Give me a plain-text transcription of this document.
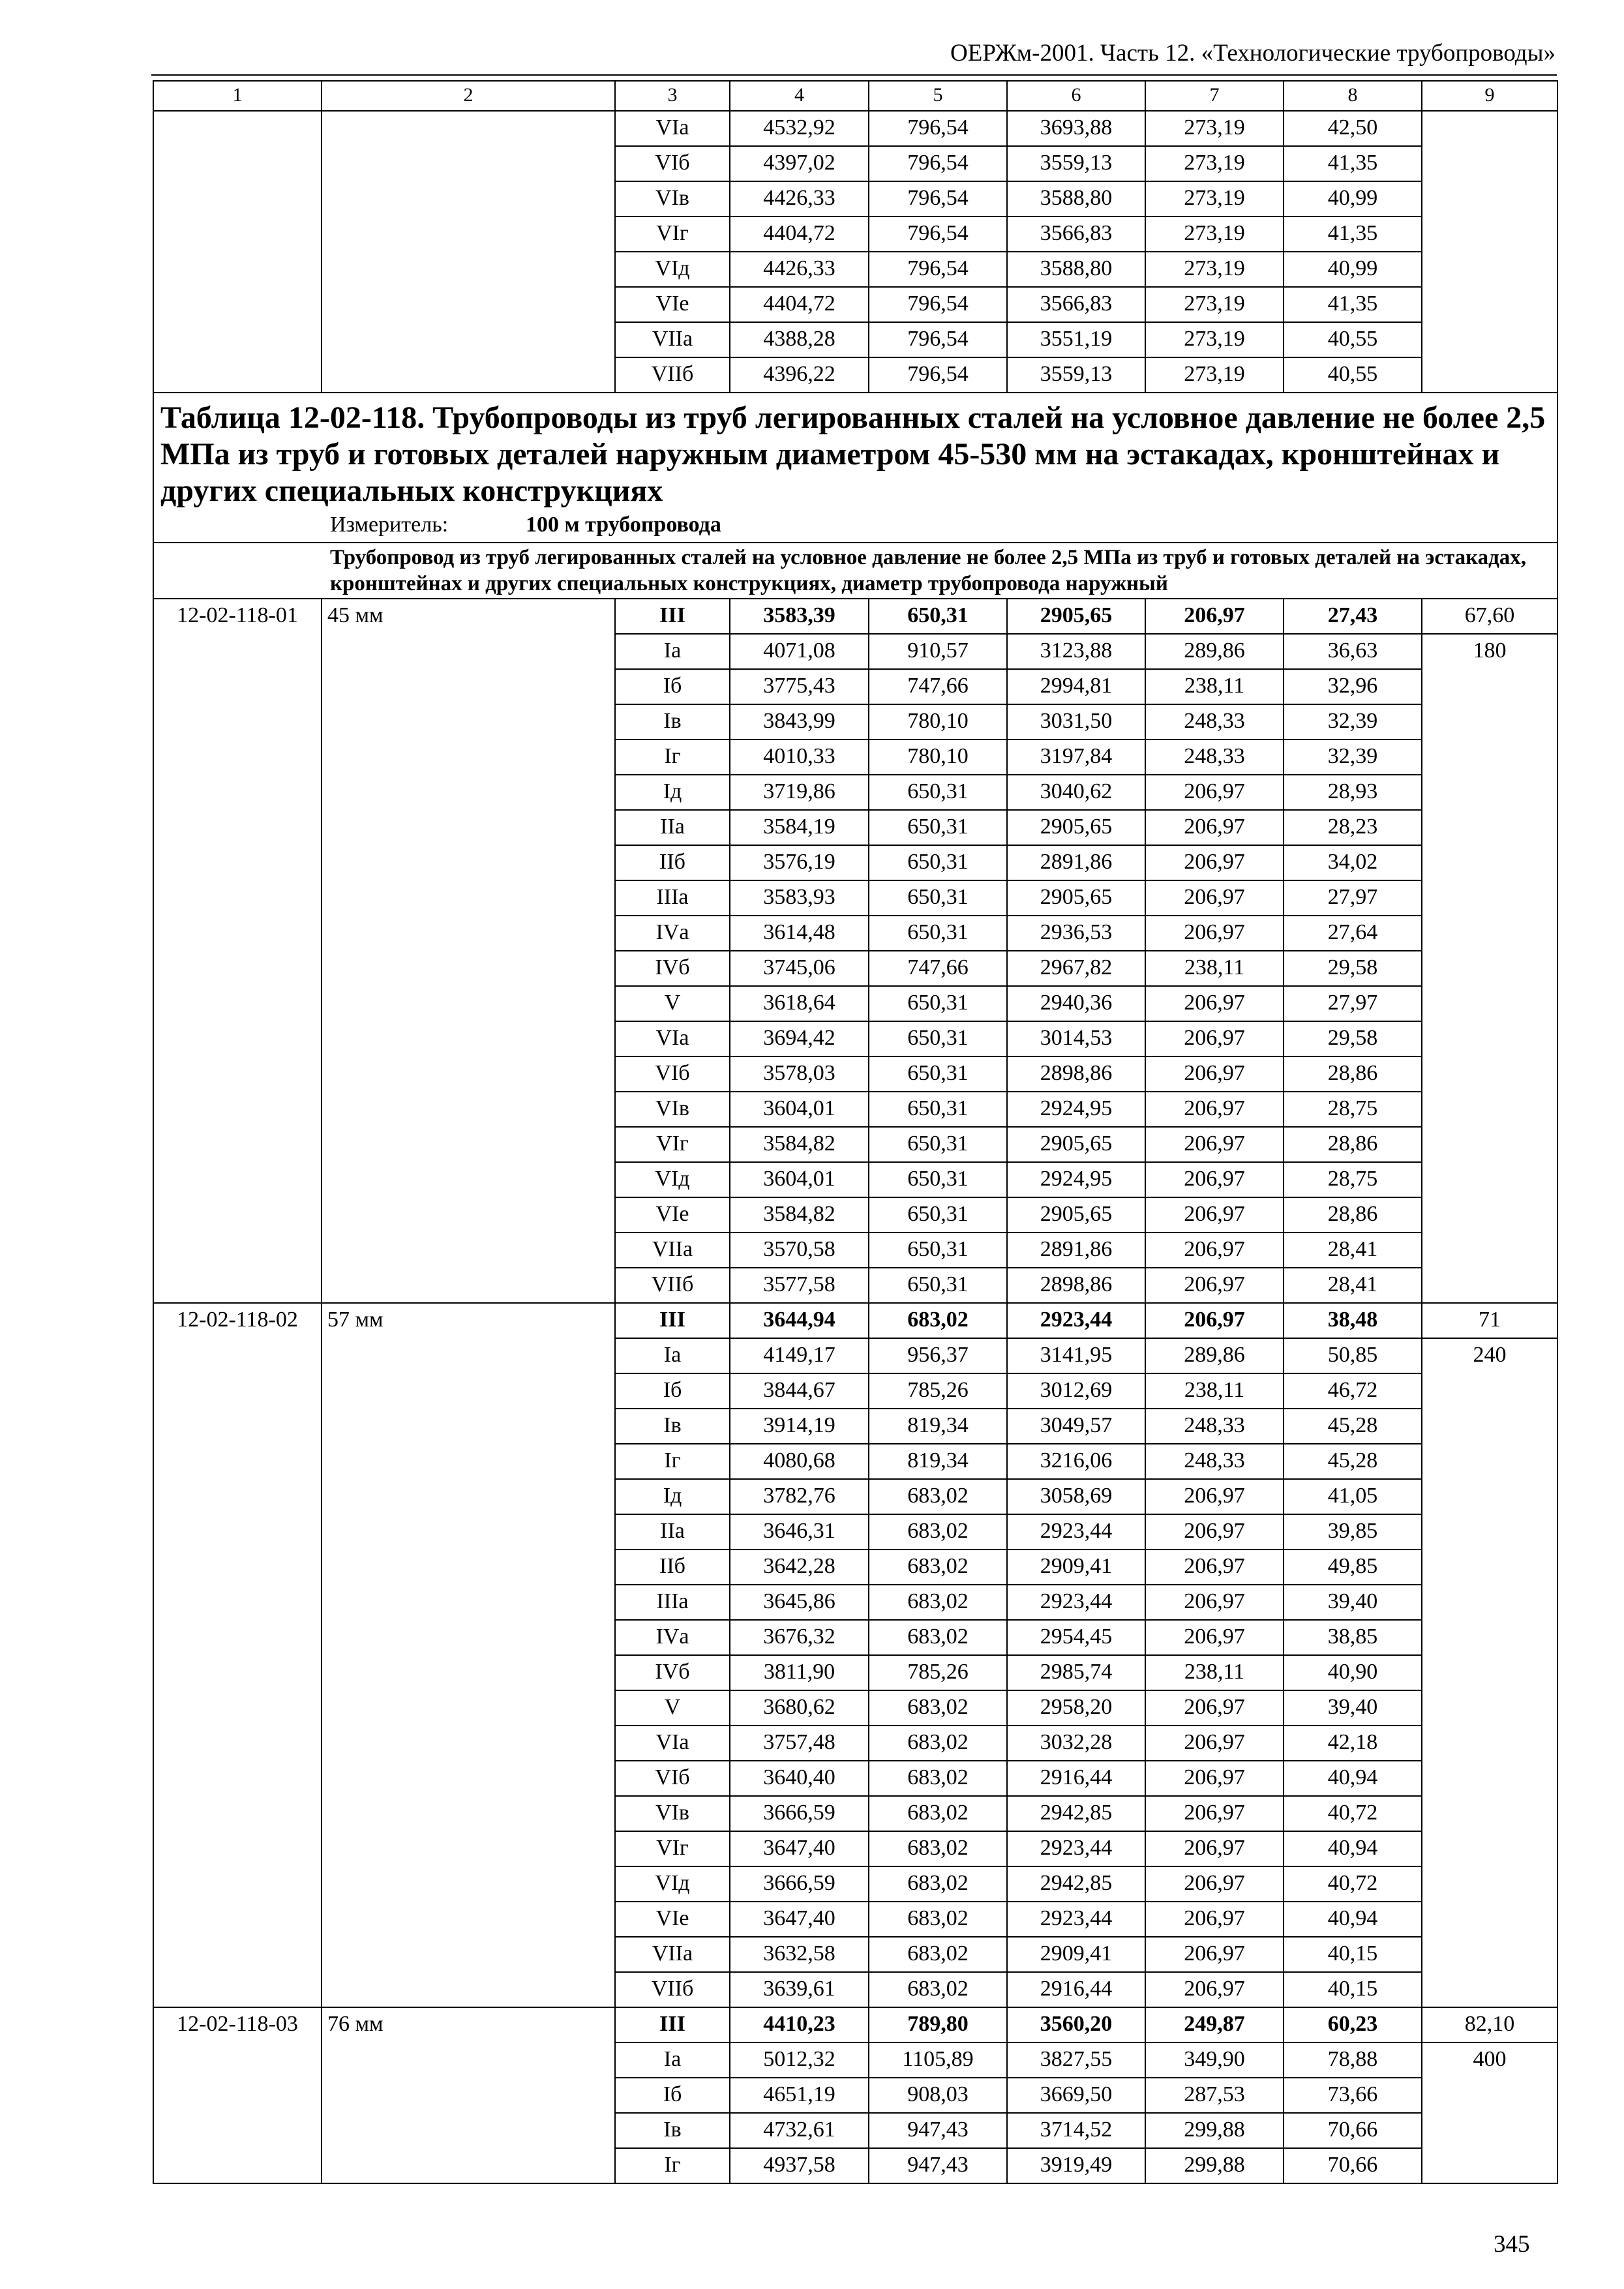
ОЕРЖм-2001. Часть 12. «Технологические трубопроводы»
1	2	3	4	5	6	7	8	9
		VIа	4532,92	796,54	3693,88	273,19	42,50	
		VIб	4397,02	796,54	3559,13	273,19	41,35	
		VIв	4426,33	796,54	3588,80	273,19	40,99	
		VIг	4404,72	796,54	3566,83	273,19	41,35	
		VIд	4426,33	796,54	3588,80	273,19	40,99	
		VIе	4404,72	796,54	3566,83	273,19	41,35	
		VIIа	4388,28	796,54	3551,19	273,19	40,55	
		VIIб	4396,22	796,54	3559,13	273,19	40,55	

Таблица 12-02-118. Трубопроводы из труб легированных сталей на условное давление не более 2,5 МПа из труб и готовых деталей наружным диаметром 45-530 мм на эстакадах, кронштейнах и других специальных конструкциях
Измеритель: 100 м трубопровода								

Трубопровод из труб легированных сталей на условное давление не более 2,5 МПа из труб и готовых деталей на эстакадах, кронштейнах и других специальных конструкциях, диаметр трубопровода наружный								
12-02-118-01	45 мм	III	3583,39	650,31	2905,65	206,97	27,43	67,60
		Iа	4071,08	910,57	3123,88	289,86	36,63	180
		Iб	3775,43	747,66	2994,81	238,11	32,96	
		Iв	3843,99	780,10	3031,50	248,33	32,39	
		Iг	4010,33	780,10	3197,84	248,33	32,39	
		Iд	3719,86	650,31	3040,62	206,97	28,93	
		IIа	3584,19	650,31	2905,65	206,97	28,23	
		IIб	3576,19	650,31	2891,86	206,97	34,02	
		IIIа	3583,93	650,31	2905,65	206,97	27,97	
		IVа	3614,48	650,31	2936,53	206,97	27,64	
		IVб	3745,06	747,66	2967,82	238,11	29,58	
		V	3618,64	650,31	2940,36	206,97	27,97	
		VIа	3694,42	650,31	3014,53	206,97	29,58	
		VIб	3578,03	650,31	2898,86	206,97	28,86	
		VIв	3604,01	650,31	2924,95	206,97	28,75	
		VIг	3584,82	650,31	2905,65	206,97	28,86	
		VIд	3604,01	650,31	2924,95	206,97	28,75	
		VIе	3584,82	650,31	2905,65	206,97	28,86	
		VIIа	3570,58	650,31	2891,86	206,97	28,41	
		VIIб	3577,58	650,31	2898,86	206,97	28,41	
12-02-118-02	57 мм	III	3644,94	683,02	2923,44	206,97	38,48	71
		Iа	4149,17	956,37	3141,95	289,86	50,85	240
		Iб	3844,67	785,26	3012,69	238,11	46,72	
		Iв	3914,19	819,34	3049,57	248,33	45,28	
		Iг	4080,68	819,34	3216,06	248,33	45,28	
		Iд	3782,76	683,02	3058,69	206,97	41,05	
		IIа	3646,31	683,02	2923,44	206,97	39,85	
		IIб	3642,28	683,02	2909,41	206,97	49,85	
		IIIа	3645,86	683,02	2923,44	206,97	39,40	
		IVа	3676,32	683,02	2954,45	206,97	38,85	
		IVб	3811,90	785,26	2985,74	238,11	40,90	
		V	3680,62	683,02	2958,20	206,97	39,40	
		VIа	3757,48	683,02	3032,28	206,97	42,18	
		VIб	3640,40	683,02	2916,44	206,97	40,94	
		VIв	3666,59	683,02	2942,85	206,97	40,72	
		VIг	3647,40	683,02	2923,44	206,97	40,94	
		VIд	3666,59	683,02	2942,85	206,97	40,72	
		VIе	3647,40	683,02	2923,44	206,97	40,94	
		VIIа	3632,58	683,02	2909,41	206,97	40,15	
		VIIб	3639,61	683,02	2916,44	206,97	40,15	
12-02-118-03	76 мм	III	4410,23	789,80	3560,20	249,87	60,23	82,10
		Iа	5012,32	1105,89	3827,55	349,90	78,88	400
		Iб	4651,19	908,03	3669,50	287,53	73,66	
		Iв	4732,61	947,43	3714,52	299,88	70,66	
		Iг	4937,58	947,43	3919,49	299,88	70,66	
345
